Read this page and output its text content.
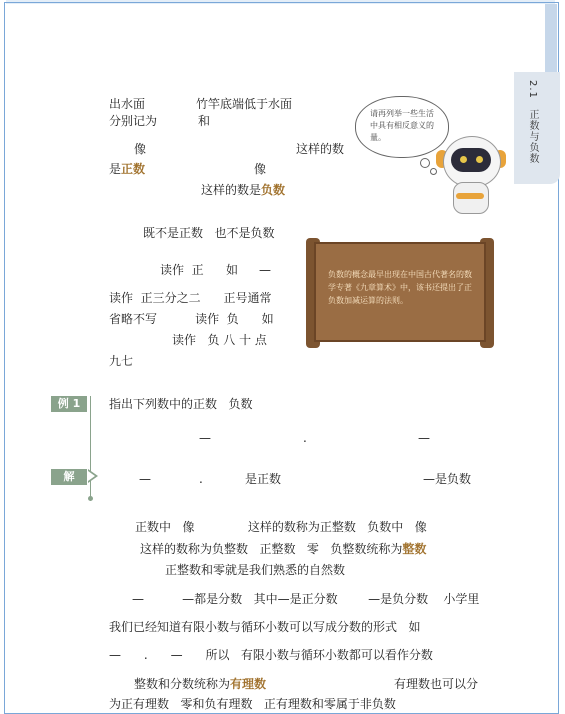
2.1 正数与负数
出水面	竹竿底端低于水面
分别记为	和
像	这样的数
是正数	像
这样的数是负数
请再列举一些生活中具有相反意义的量。
既不是正数   也不是负数
读作  正 如 —
读作  正三分之二      正号通常
省略不写          读作  负      如
读作   负 八 十 点
九七
负数的概念最早出现在中国古代著名的数学专著《九章算术》中，该书还提出了正负数加减运算的法则。
例 1	指出下列数中的正数   负数
—	.	—
解	—	.	是正数	—是负数
正数中   像              这样的数称为正整数   负数中   像
这样的数称为负整数   正整数   零   负整数统称为整数
正整数和零就是我们熟悉的自然数
—          —都是分数   其中—是正分数        —是负分数    小学里
我们已经知道有限小数与循环小数可以写成分数的形式   如
—      .      —      所以   有限小数与循环小数都可以看作分数
整数和分数统称为有理数	有理数也可以分
为正有理数   零和负有理数   正有理数和零属于非负数
